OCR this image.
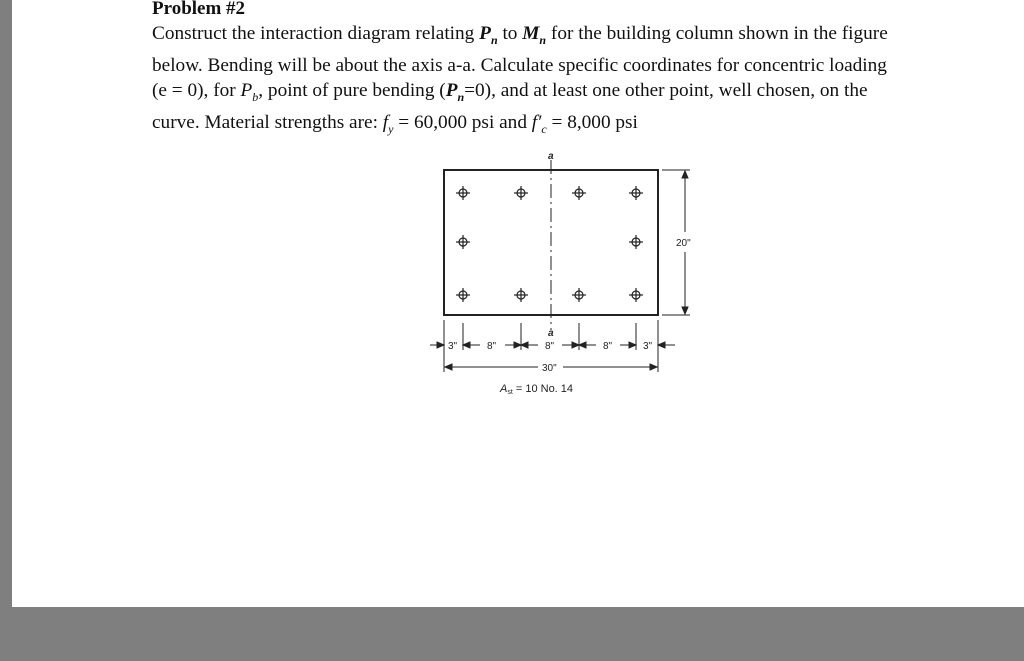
Problem #2
Construct the interaction diagram relating $P_n$ to $M_n$ for the building column shown in the figure
below. Bending will be about the axis a-a. Calculate specific coordinates for concentric loading
(e = 0), for $P_b$, point of pure bending $(P_n=0)$, and at least one other point, well chosen, on the
curve. Material strengths are: $f_y = 60,000$ psi and $f'_c = 8,000$ psi
a
a
20"
3"	8"	8"	8"	3"
30"
Ast = 10 No. 14
